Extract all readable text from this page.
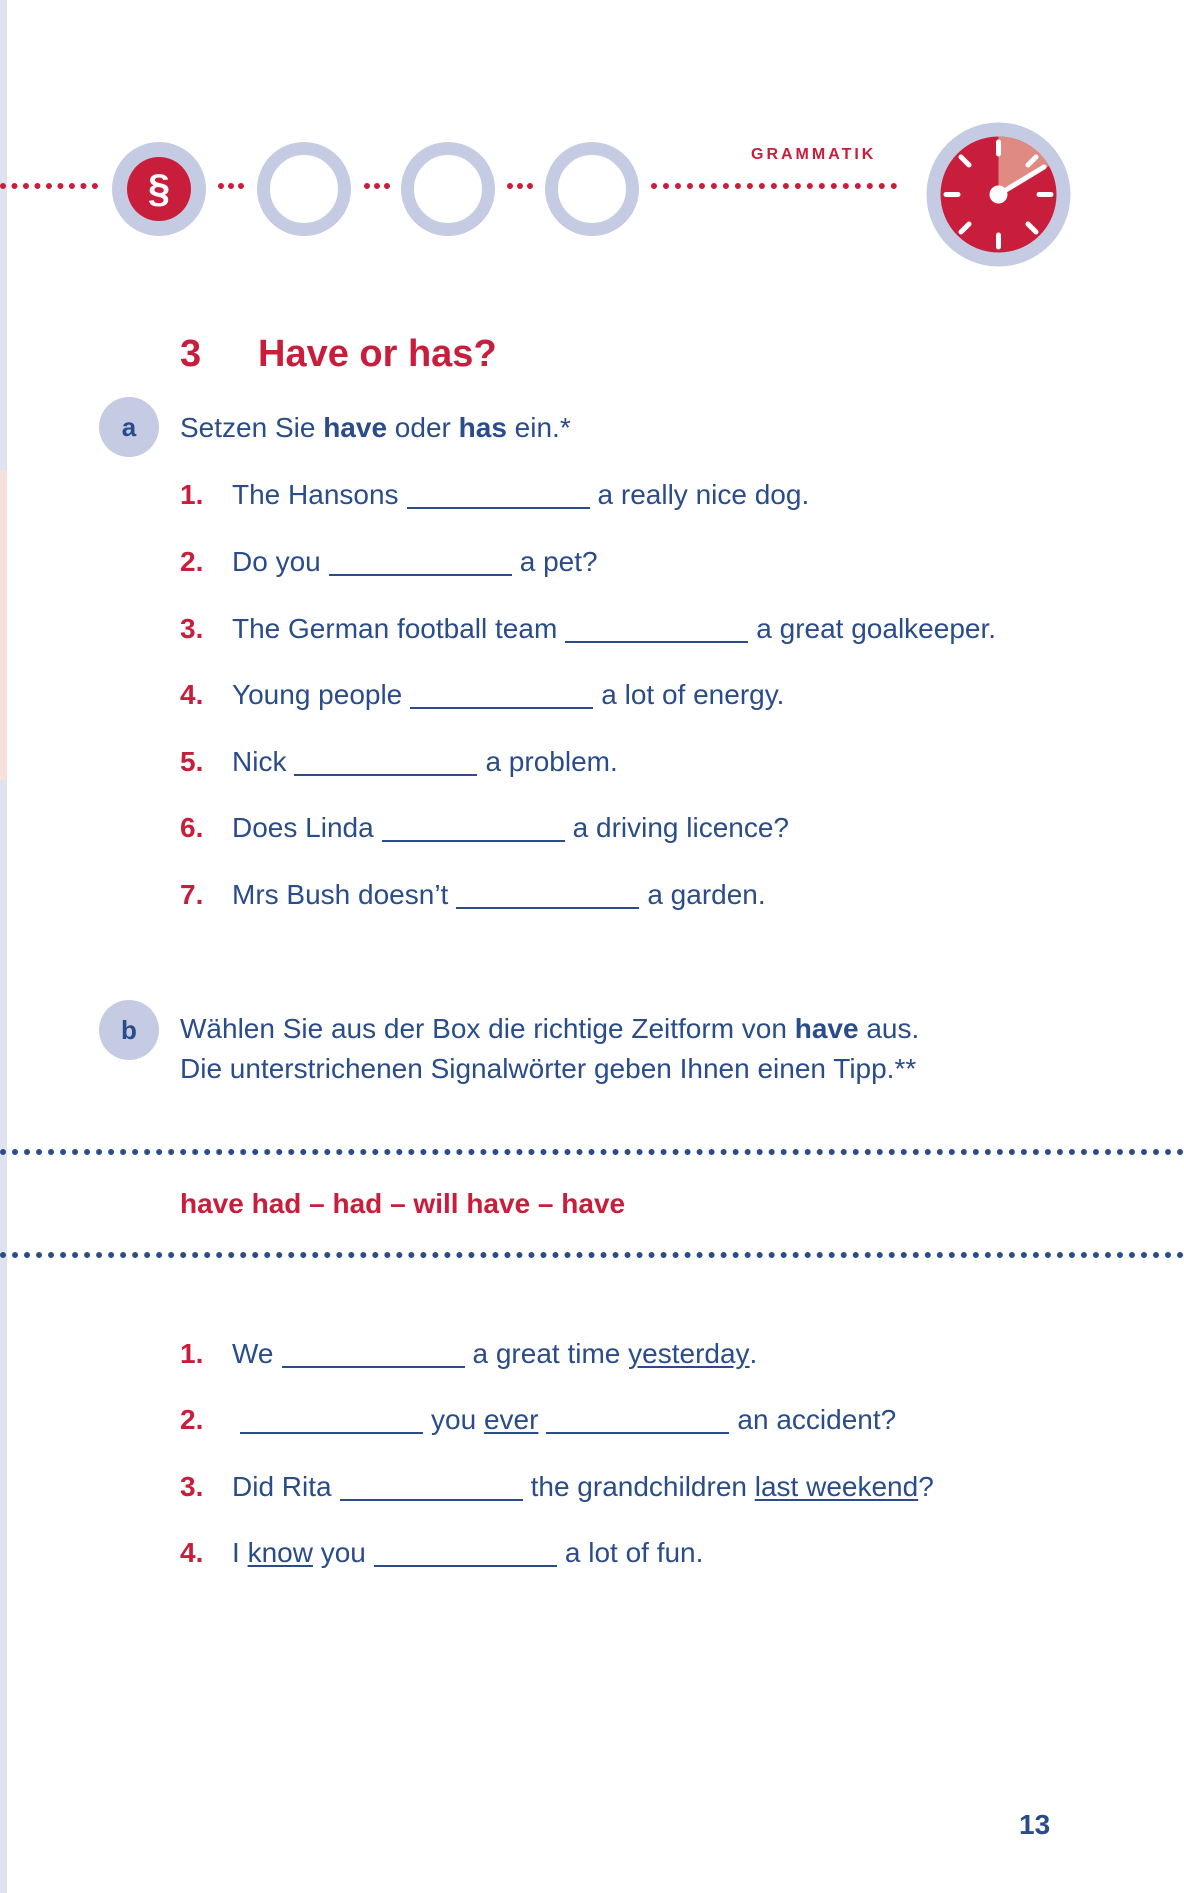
§
GRAMMATIK
3 Have or has?
a	Setzen Sie have oder has ein.*
1.	The Hansons	a really nice dog.
2.	Do you	a pet?
3.	The German football team	a great goalkeeper.
4.	Young people	a lot of energy.
5.	Nick	a problem.
6.	Does Linda	a driving licence?
7.	Mrs Bush doesn’t	a garden.
b	Wählen Sie aus der Box die richtige Zeitform von have aus.
Die unterstrichenen Signalwörter geben Ihnen einen Tipp.**
have had – had – will have – have
1.	We	a great time yesterday .
2.	you ever	an accident?
3.	Did Rita	the grandchildren last weekend ?
4.	I know you	a lot of fun.
13
